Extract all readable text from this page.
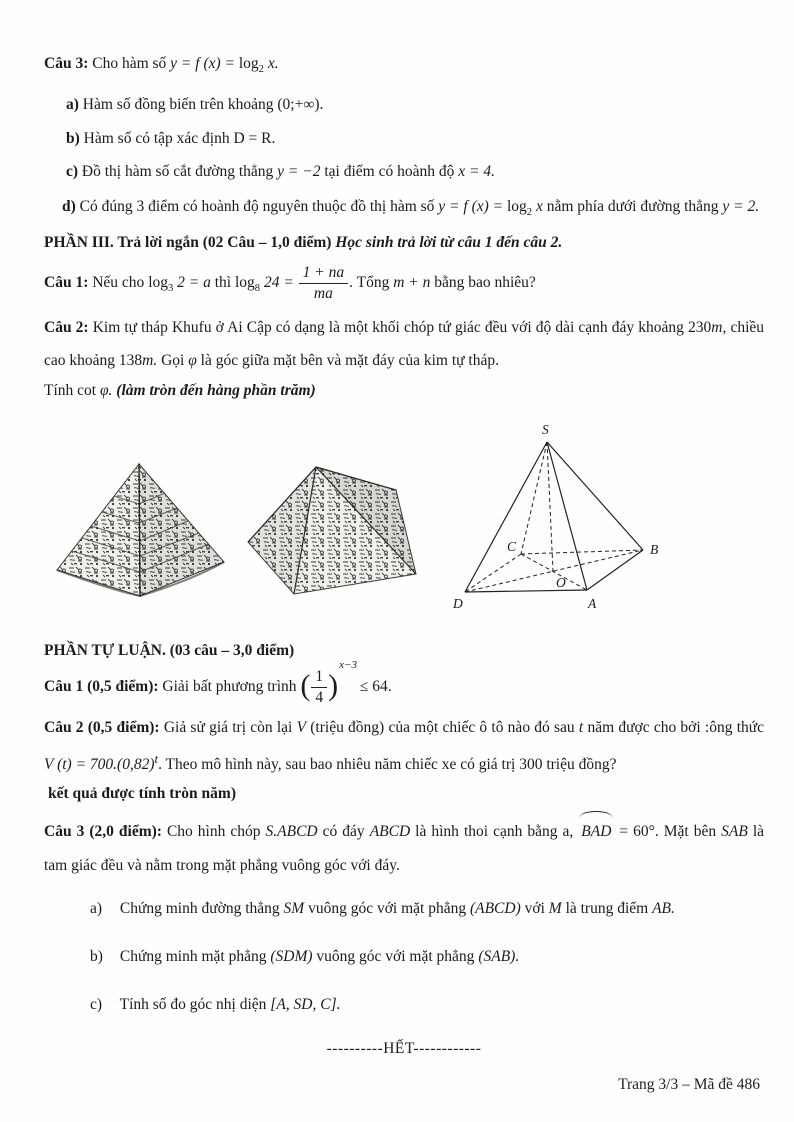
Câu 3: Cho hàm số y = f $(x) = \log_2 x$.

a) Hàm số đồng biến trên khoảng (0;+∞).

b) Hàm số có tập xác định D = R.

c) Đồ thị hàm số cắt đường thẳng y = −2 tại điểm có hoành độ x = 4.

d) Có đúng 3 điểm có hoành độ nguyên thuộc đồ thị hàm số y = f $(x) = \log_2 x$ nằm phía dưới đường thẳng y = 2.

PHẦN III. Trả lời ngắn (02 Câu – 1,0 điểm) Học sinh trả lời từ câu 1 đến câu 2.

Câu 1: Nếu cho $\log_3 2 = a$ thì $\log_8 24 = \frac{1 + na}{ma}$ . Tổng m + n bằng bao nhiêu?

Câu 2: Kim tự tháp Khufu ở Ai Cập có dạng là một khối chóp tứ giác đều với độ dài cạnh đáy khoảng 230m, chiều cao khoảng 138m. Gọi φ là góc giữa mặt bên và mặt đáy của kim tự tháp.

Tính cot φ. (làm tròn đến hàng phần trăm)

S
D	A
B
C
O

PHẦN TỰ LUẬN. (03 câu – 3,0 điểm)

Câu 1 (0,5 điểm): Giải bất phương trình ( $\frac{1}{4} )^{x-3} \le 64$.

Câu 2 (0,5 điểm): Giả sử giá trị còn lại V (triệu đồng) của một chiếc ô tô nào đó sau t năm được cho bởi :ông thức V $(t) = 700.(0,82)^t$. Theo mô hình này, sau bao nhiêu năm chiếc xe có giá trị 300 triệu đồng?

kết quả được tính tròn năm)

Câu 3 (2,0 điểm): Cho hình chóp S.ABCD có đáy ABCD là hình thoi cạnh bằng a, BAD = 60°. Mặt bên SAB là tam giác đều và nằm trong mặt phẳng vuông góc với đáy.

a) Chứng minh đường thẳng SM vuông góc với mặt phẳng (ABCD) với M là trung điểm AB.

b) Chứng minh mặt phẳng (SDM) vuông góc với mặt phẳng (SAB).

c) Tính số đo góc nhị diện [A, SD, C].

----------HẾT------------

Trang 3/3 – Mã đề 486
